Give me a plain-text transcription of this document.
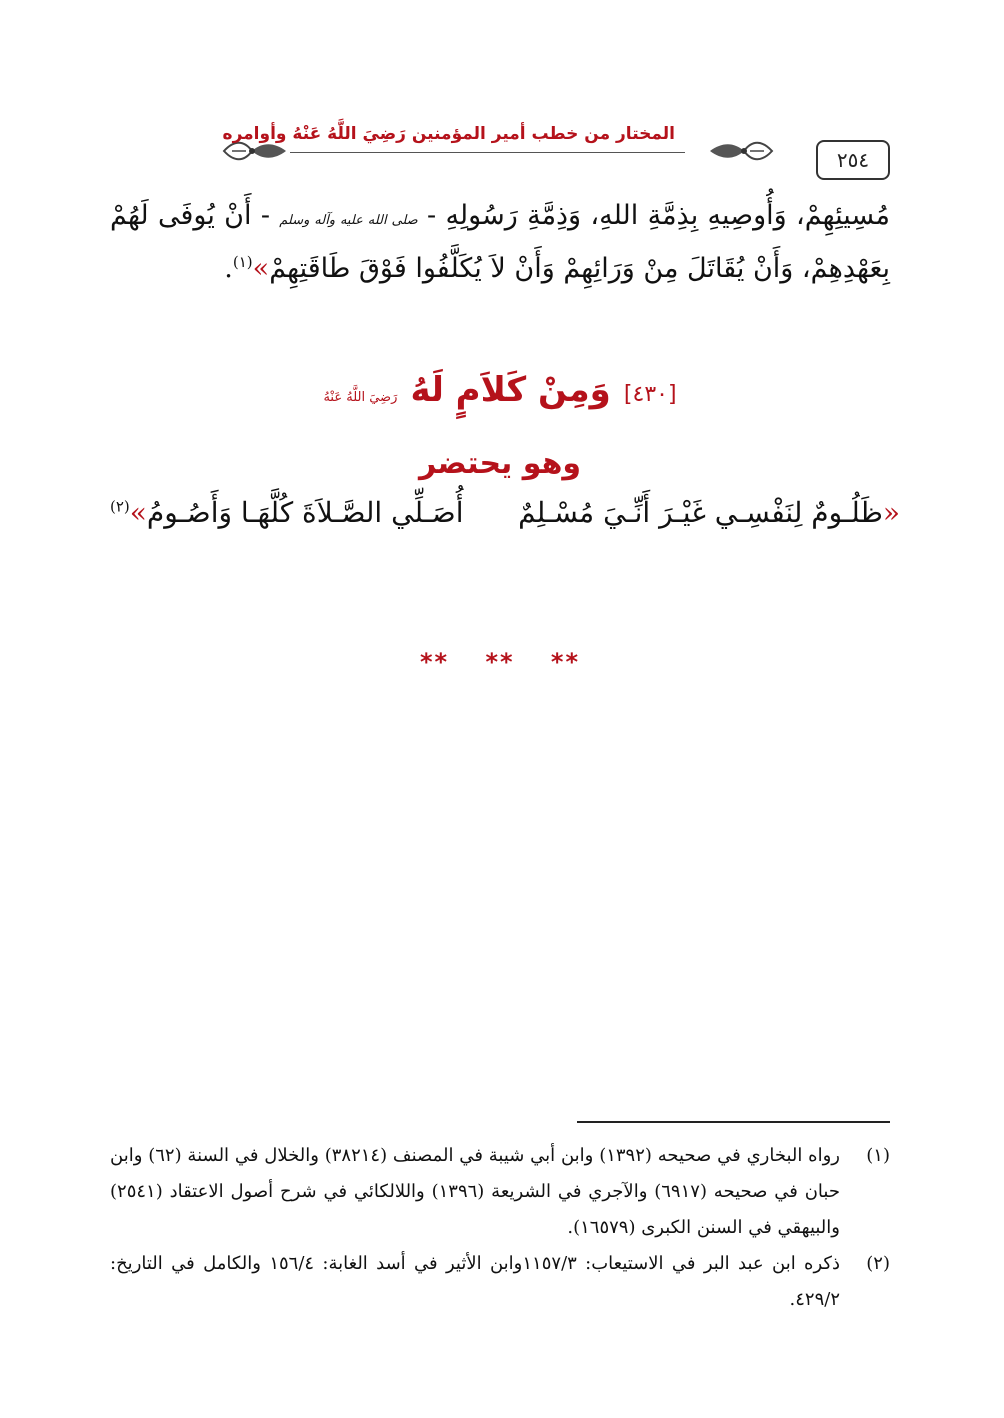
المختار من خطب أمير المؤمنين رَضِيَ اللَّهُ عَنْهُ وأوامره
٢٥٤
مُسِيئِهِمْ، وَأُوصِيهِ بِذِمَّةِ اللهِ، وَذِمَّةِ رَسُولِهِ - صلى الله عليه وآله وسلم - أَنْ يُوفَى لَهُمْ بِعَهْدِهِمْ، وَأَنْ يُقَاتَلَ مِنْ وَرَائِهِمْ وَأَنْ لاَ يُكَلَّفُوا فَوْقَ طَاقَتِهِمْ»$^{(١)}$.
[٤٣٠] وَمِنْ كَلاَمٍ لَهُ رَضِيَ اللَّهُ عَنْهُ
وهو يحتضر
«ظَلُـومٌ لِنَفْسِـي غَيْـرَ أَنِّـيَ مُسْـلِمٌ
أُصَـلِّي الصَّـلاَةَ كُلَّهَـا وَأَصُـومُ»$^{(٢)}$
** ** **
(١)
رواه البخاري في صحيحه (١٣٩٢) وابن أبي شيبة في المصنف (٣٨٢١٤) والخلال في السنة (٦٢) وابن حبان في صحيحه (٦٩١٧) والآجري في الشريعة (١٣٩٦) واللالكائي في شرح أصول الاعتقاد (٢٥٤١) والبيهقي في السنن الكبرى (١٦٥٧٩).
(٢)
ذكره ابن عبد البر في الاستيعاب: ١١٥٧/٣وابن الأثير في أسد الغابة: ١٥٦/٤ والكامل في التاريخ: ٤٢٩/٢.
